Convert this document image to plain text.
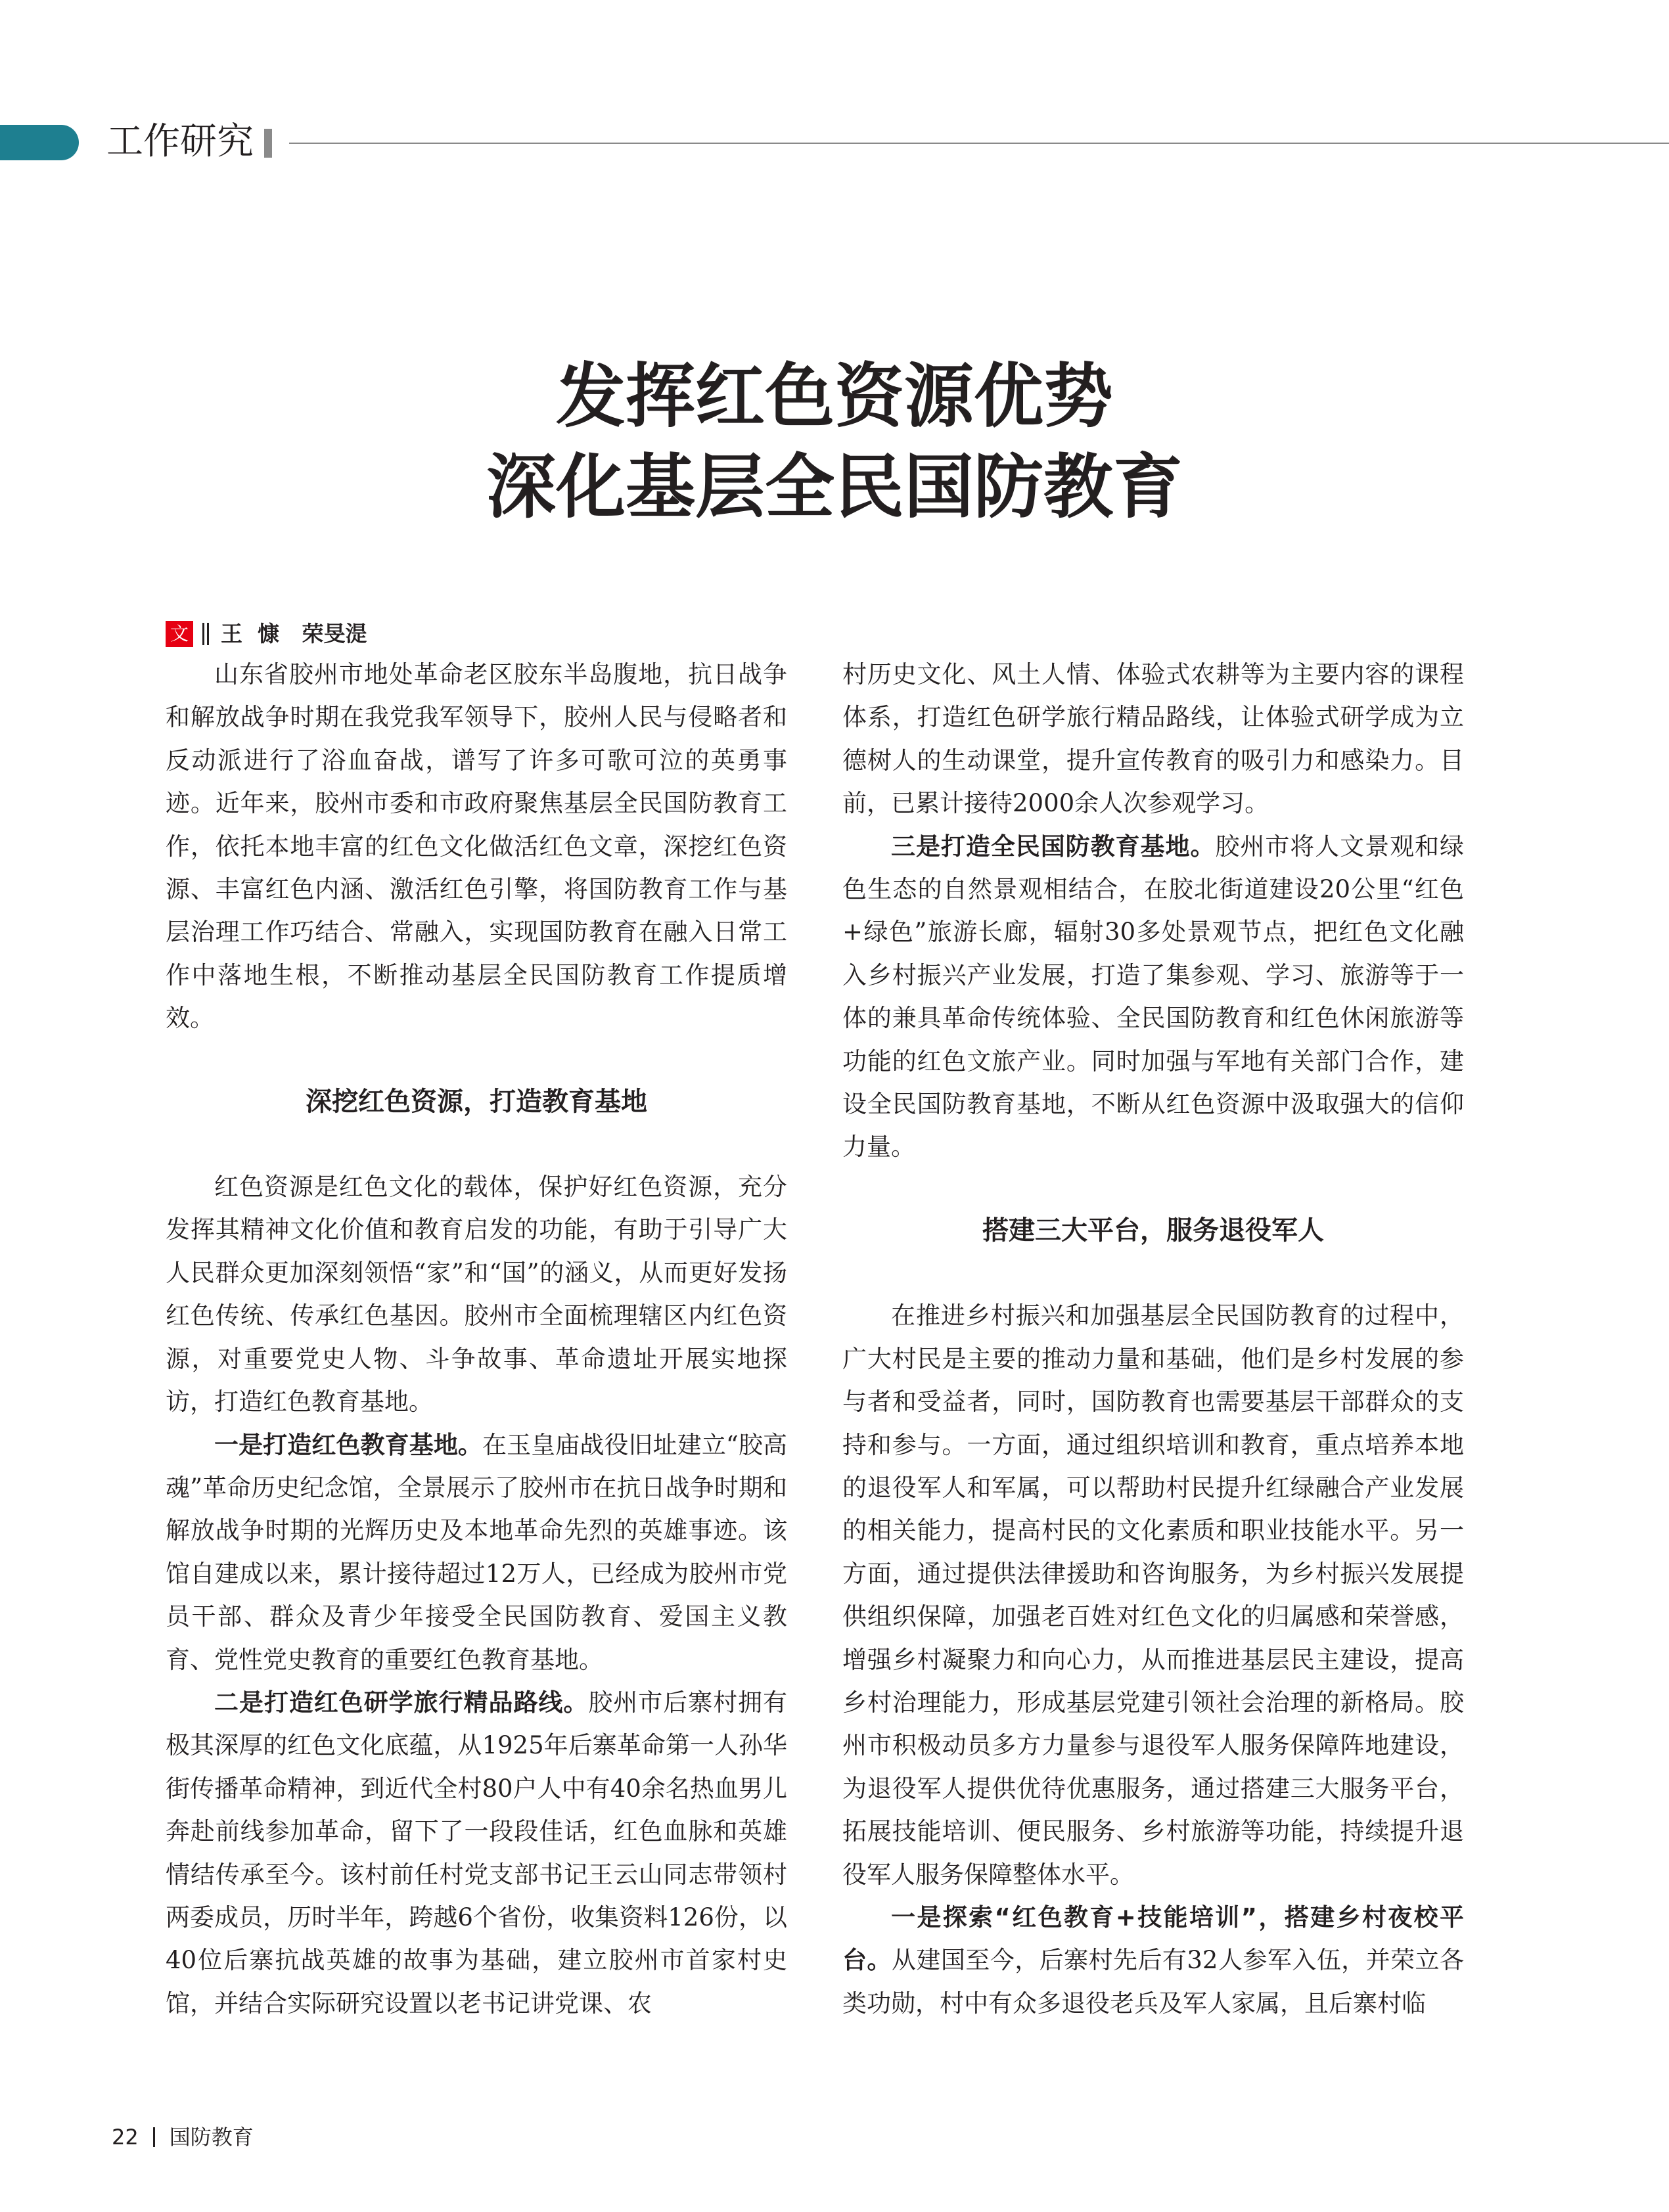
工作研究
发挥红色资源优势
深化基层全民国防教育
文 王  慷   荣旻湜

山东省胶州市地处革命老区胶东半岛腹地，抗日战争和解放战争时期在我党我军领导下，胶州人民与侵略者和反动派进行了浴血奋战，谱写了许多可歌可泣的英勇事迹。近年来，胶州市委和市政府聚焦基层全民国防教育工作，依托本地丰富的红色文化做活红色文章，深挖红色资源、丰富红色内涵、激活红色引擎，将国防教育工作与基层治理工作巧结合、常融入，实现国防教育在融入日常工作中落地生根，不断推动基层全民国防教育工作提质增效。

深挖红色资源，打造教育基地

红色资源是红色文化的载体，保护好红色资源，充分发挥其精神文化价值和教育启发的功能，有助于引导广大人民群众更加深刻领悟“家”和“国”的涵义，从而更好发扬红色传统、传承红色基因。胶州市全面梳理辖区内红色资源，对重要党史人物、斗争故事、革命遗址开展实地探访，打造红色教育基地。

一是打造红色教育基地。在玉皇庙战役旧址建立“胶高魂”革命历史纪念馆，全景展示了胶州市在抗日战争时期和解放战争时期的光辉历史及本地革命先烈的英雄事迹。该馆自建成以来，累计接待超过12万人，已经成为胶州市党员干部、群众及青少年接受全民国防教育、爱国主义教育、党性党史教育的重要红色教育基地。

二是打造红色研学旅行精品路线。胶州市后寨村拥有极其深厚的红色文化底蕴，从1925年后寨革命第一人孙华街传播革命精神，到近代全村80户人中有40余名热血男儿奔赴前线参加革命，留下了一段段佳话，红色血脉和英雄情结传承至今。该村前任村党支部书记王云山同志带领村两委成员，历时半年，跨越6个省份，收集资料126份，以40位后寨抗战英雄的故事为基础，建立胶州市首家村史馆，并结合实际研究设置以老书记讲党课、农

村历史文化、风土人情、体验式农耕等为主要内容的课程体系，打造红色研学旅行精品路线，让体验式研学成为立德树人的生动课堂，提升宣传教育的吸引力和感染力。目前，已累计接待2000余人次参观学习。

三是打造全民国防教育基地。胶州市将人文景观和绿色生态的自然景观相结合，在胶北街道建设20公里“红色+绿色”旅游长廊，辐射30多处景观节点，把红色文化融入乡村振兴产业发展，打造了集参观、学习、旅游等于一体的兼具革命传统体验、全民国防教育和红色休闲旅游等功能的红色文旅产业。同时加强与军地有关部门合作，建设全民国防教育基地，不断从红色资源中汲取强大的信仰力量。

搭建三大平台，服务退役军人

在推进乡村振兴和加强基层全民国防教育的过程中，广大村民是主要的推动力量和基础，他们是乡村发展的参与者和受益者，同时，国防教育也需要基层干部群众的支持和参与。一方面，通过组织培训和教育，重点培养本地的退役军人和军属，可以帮助村民提升红绿融合产业发展的相关能力，提高村民的文化素质和职业技能水平。另一方面，通过提供法律援助和咨询服务，为乡村振兴发展提供组织保障，加强老百姓对红色文化的归属感和荣誉感，增强乡村凝聚力和向心力，从而推进基层民主建设，提高乡村治理能力，形成基层党建引领社会治理的新格局。胶州市积极动员多方力量参与退役军人服务保障阵地建设，为退役军人提供优待优惠服务，通过搭建三大服务平台，拓展技能培训、便民服务、乡村旅游等功能，持续提升退役军人服务保障整体水平。

一是探索“红色教育+技能培训”，搭建乡村夜校平台。从建国至今，后寨村先后有32人参军入伍，并荣立各类功勋，村中有众多退役老兵及军人家属，且后寨村临

22 国防教育
